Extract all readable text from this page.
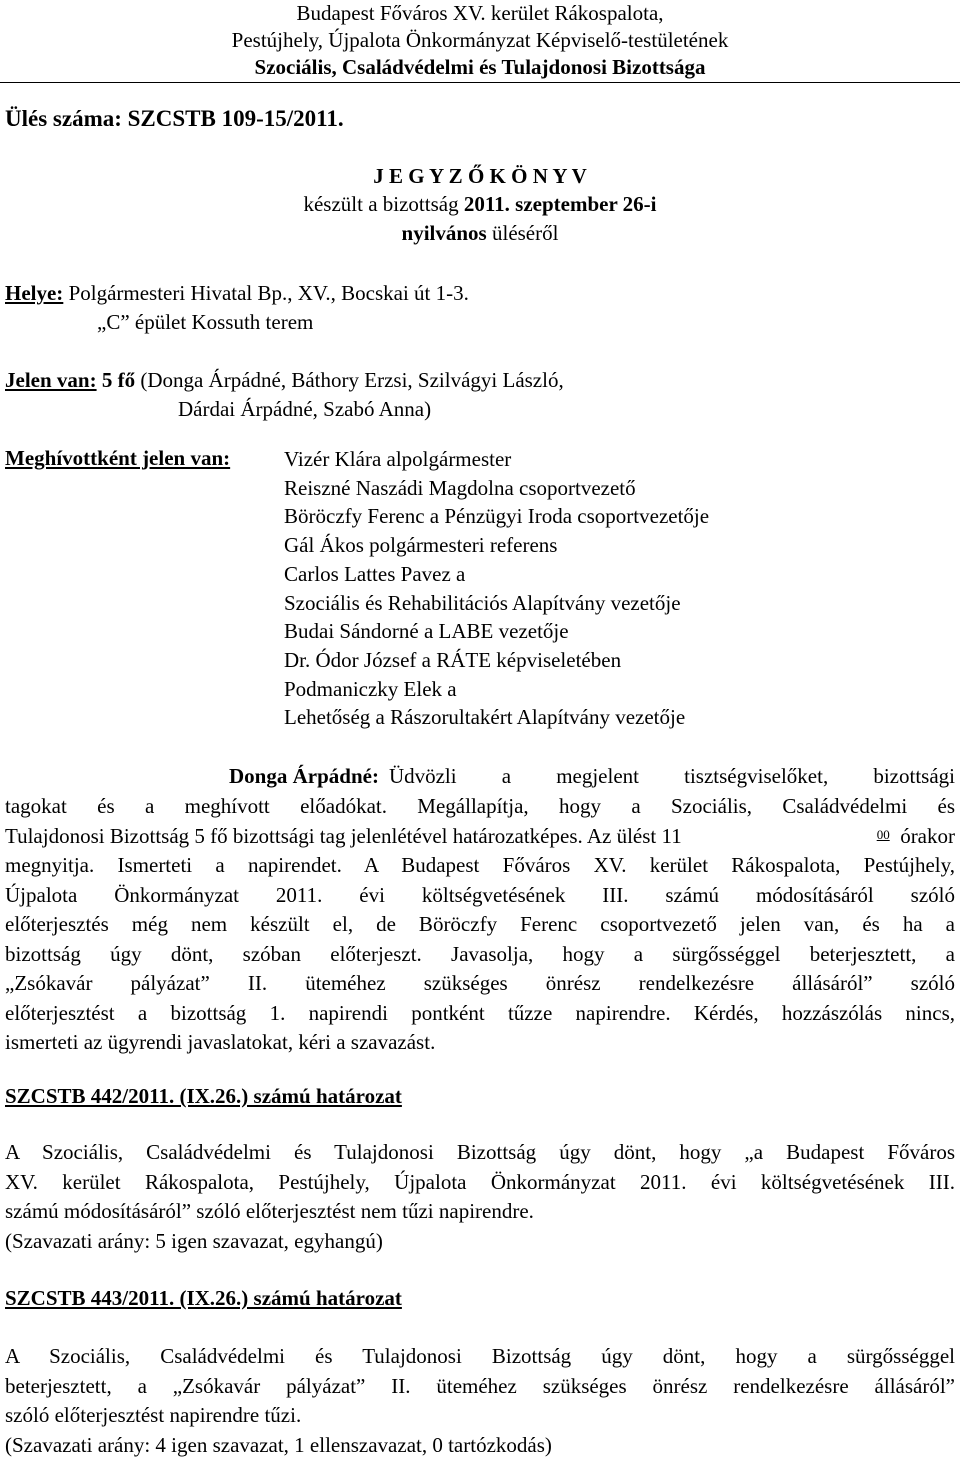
Budapest Főváros XV. kerület Rákospalota,
Pestújhely, Újpalota Önkormányzat Képviselő-testületének
Szociális, Családvédelmi és Tulajdonosi Bizottsága
Ülés száma: SZCSTB 109-15/2011.
J E G Y Z Ő K Ö N Y V
készült a bizottság 2011. szeptember 26-i
nyilvános üléséről
Helye: Polgármesteri Hivatal Bp., XV., Bocskai út 1-3.
„C” épület Kossuth terem
Jelen van: 5 fő (Donga Árpádné, Báthory Erzsi, Szilvágyi László,
Dárdai Árpádné, Szabó Anna)
Meghívottként jelen van:	Vizér Klára alpolgármester
Reiszné Naszádi Magdolna csoportvezető
Böröczfy Ferenc a Pénzügyi Iroda csoportvezetője
Gál Ákos polgármesteri referens
Carlos Lattes Pavez a
Szociális és Rehabilitációs Alapítvány vezetője
Budai Sándorné a LABE vezetője
Dr. Ódor József a RÁTE képviseletében
Podmaniczky Elek a
Lehetőség a Rászorultakért Alapítvány vezetője
Donga Árpádné: Üdvözli a megjelent tisztségviselőket, bizottsági
tagokat és a meghívott előadókat. Megállapítja, hogy a Szociális, Családvédelmi és
Tulajdonosi Bizottság 5 fő bizottsági tag jelenlétével határozatképes. Az ülést 11	$^{00}$ órakor
megnyitja. Ismerteti a napirendet. A Budapest Főváros XV. kerület Rákospalota, Pestújhely,
Újpalota Önkormányzat 2011. évi költségvetésének III. számú módosításáról szóló
előterjesztés még nem készült el, de Böröczfy Ferenc csoportvezető jelen van, és ha a
bizottság úgy dönt, szóban előterjeszt. Javasolja, hogy a sürgősséggel beterjesztett, a
„Zsókavár pályázat” II. üteméhez szükséges önrész rendelkezésre állásáról” szóló
előterjesztést a bizottság 1. napirendi pontként tűzze napirendre. Kérdés, hozzászólás nincs,
ismerteti az ügyrendi javaslatokat, kéri a szavazást.
SZCSTB 442/2011. (IX.26.) számú határozat
A Szociális, Családvédelmi és Tulajdonosi Bizottság úgy dönt, hogy „a Budapest Főváros
XV. kerület Rákospalota, Pestújhely, Újpalota Önkormányzat 2011. évi költségvetésének III.
számú módosításáról” szóló előterjesztést nem tűzi napirendre.
(Szavazati arány: 5 igen szavazat, egyhangú)
SZCSTB 443/2011. (IX.26.) számú határozat
A Szociális, Családvédelmi és Tulajdonosi Bizottság úgy dönt, hogy a sürgősséggel
beterjesztett, a „Zsókavár pályázat” II. üteméhez szükséges önrész rendelkezésre állásáról”
szóló előterjesztést napirendre tűzi.
(Szavazati arány: 4 igen szavazat, 1 ellenszavazat, 0 tartózkodás)
